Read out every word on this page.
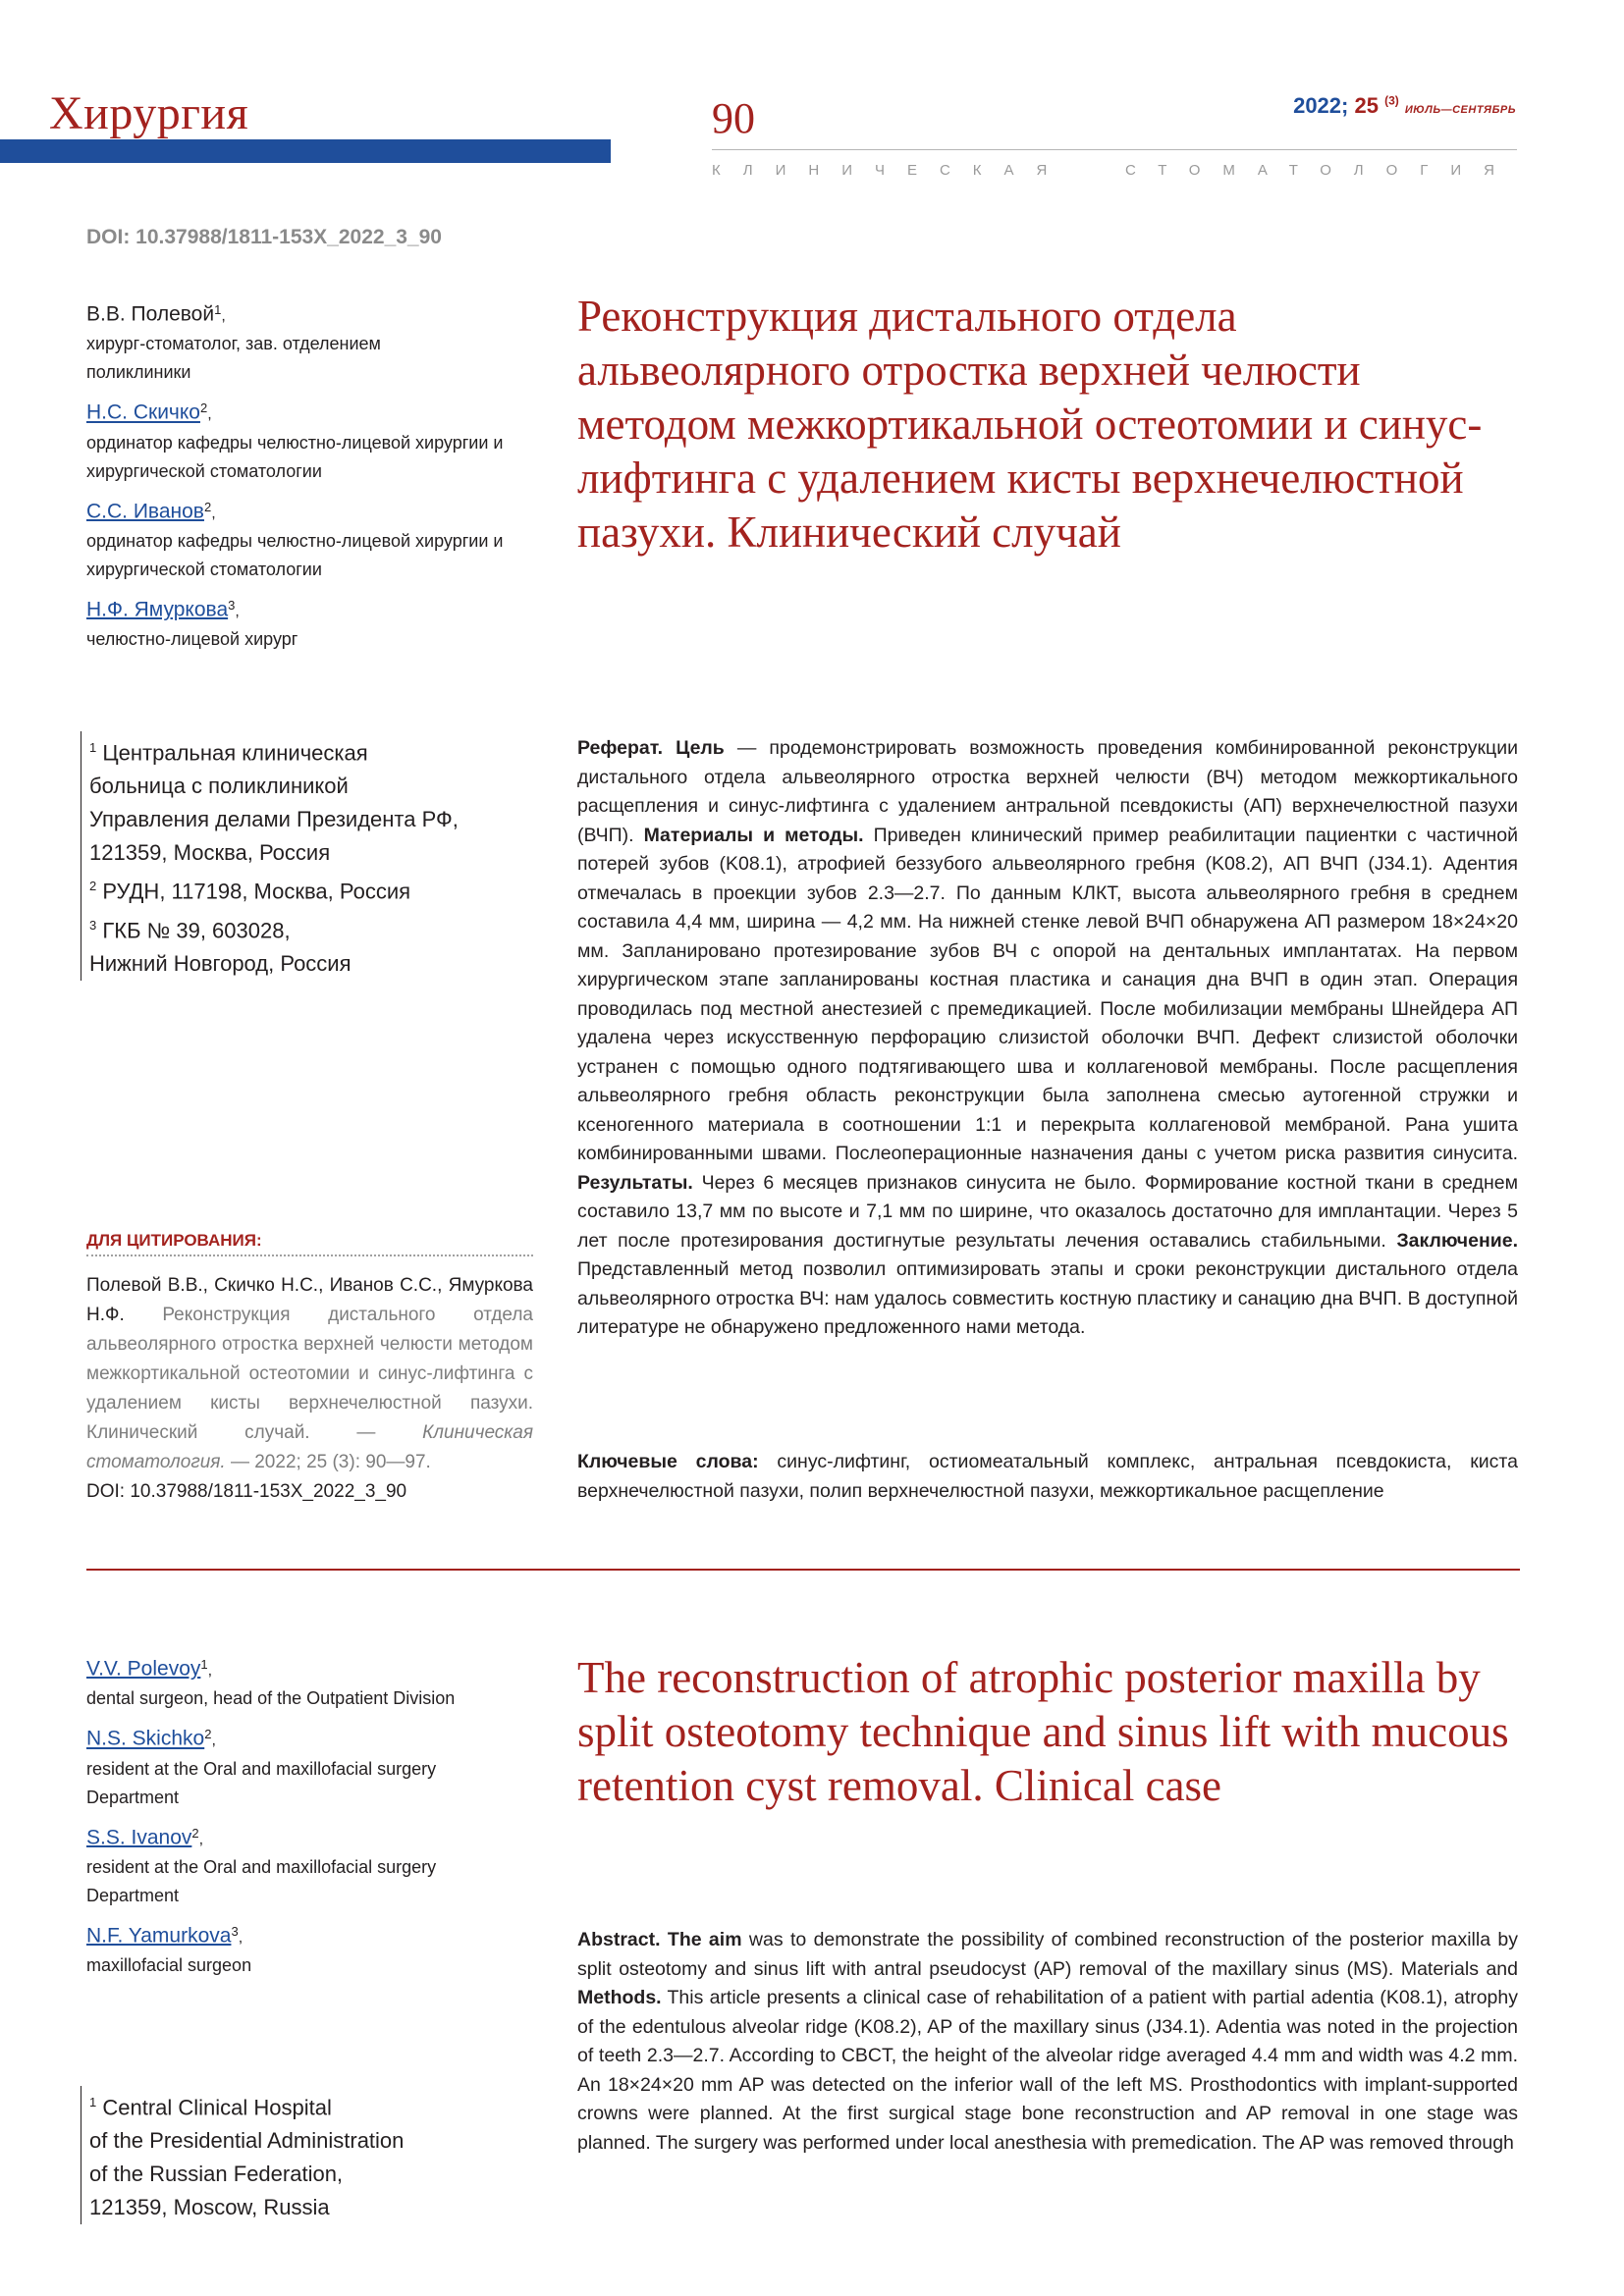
Хирургия	90	2022; 25 $^{(3)}$ ИЮЛЬ—СЕНТЯБРЬ
КЛИНИЧЕСКАЯ	СТОМАТОЛОГИЯ
DOI: 10.37988/1811-153X_2022_3_90
В.В. Полевой$^1$,
хирург-стоматолог, зав. отделением поликлиники
Н.С. Скичко$^2$,
ординатор кафедры челюстно-лицевой хирургии и хирургической стоматологии
С.С. Иванов$^2$,
ординатор кафедры челюстно-лицевой хирургии и хирургической стоматологии
Н.Ф. Ямуркова$^3$,
челюстно-лицевой хирург
$^1$ Центральная клиническая
больница с поликлиникой
Управления делами Президента РФ,
121359, Москва, Россия
$^2$ РУДН, 117198, Москва, Россия
$^3$ ГКБ № 39, 603028,
Нижний Новгород, Россия
Реконструкция дистального отдела альвеолярного отростка верхней челюсти методом межкортикальной остеотомии и синус-лифтинга с удалением кисты верхнечелюстной пазухи. Клинический случай
Реферат. Цель — продемонстрировать возможность проведения комбинированной реконструкции дистального отдела альвеолярного отростка верхней челюсти (ВЧ) методом межкортикального расщепления и синус-лифтинга с удалением антральной псевдокисты (АП) верхнечелюстной пазухи (ВЧП). Материалы и методы. Приведен клинический пример реабилитации пациентки с частичной потерей зубов (K08.1), атрофией беззубого альвеолярного гребня (K08.2), АП ВЧП (J34.1). Адентия отмечалась в проекции зубов 2.3—2.7. По данным КЛКТ, высота альвеолярного гребня в среднем составила 4,4 мм, ширина — 4,2 мм. На нижней стенке левой ВЧП обнаружена АП размером 18×24×20 мм. Запланировано протезирование зубов ВЧ с опорой на дентальных имплантатах. На первом хирургическом этапе запланированы костная пластика и санация дна ВЧП в один этап. Операция проводилась под местной анестезией с премедикацией. После мобилизации мембраны Шнейдера АП удалена через искусственную перфорацию слизистой оболочки ВЧП. Дефект слизистой оболочки устранен с помощью одного подтягивающего шва и коллагеновой мембраны. После расщепления альвеолярного гребня область реконструкции была заполнена смесью аутогенной стружки и ксеногенного материала в соотношении 1:1 и перекрыта коллагеновой мембраной. Рана ушита комбинированными швами. Послеоперационные назначения даны с учетом риска развития синусита. Результаты. Через 6 месяцев признаков синусита не было. Формирование костной ткани в среднем составило 13,7 мм по высоте и 7,1 мм по ширине, что оказалось достаточно для имплантации. Через 5 лет после протезирования достигнутые результаты лечения оставались стабильными. Заключение. Представленный метод позволил оптимизировать этапы и сроки реконструкции дистального отдела альвеолярного отростка ВЧ: нам удалось совместить костную пластику и санацию дна ВЧП. В доступной литературе не обнаружено предложенного нами метода.
Ключевые слова: синус-лифтинг, остиомеатальный комплекс, антральная псевдокиста, киста верхнечелюстной пазухи, полип верхнечелюстной пазухи, межкортикальное расщепление
ДЛЯ ЦИТИРОВАНИЯ:
Полевой В.В., Скичко Н.С., Иванов С.С., Ямуркова Н.Ф. Реконструкция дистального отдела альвеолярного отростка верхней челюсти методом межкортикальной остеотомии и синус-лифтинга с удалением кисты верхнечелюстной пазухи. Клинический случай. — Клиническая стоматология. — 2022; 25 (3): 90—97.
DOI: 10.37988/1811-153X_2022_3_90
V.V. Polevoy$^1$,
dental surgeon, head of the Outpatient Division
N.S. Skichko$^2$,
resident at the Oral and maxillofacial surgery Department
S.S. Ivanov$^2$,
resident at the Oral and maxillofacial surgery Department
N.F. Yamurkova$^3$,
maxillofacial surgeon
$^1$ Central Clinical Hospital
of the Presidential Administration
of the Russian Federation,
121359, Moscow, Russia
The reconstruction of atrophic posterior maxilla by split osteotomy technique and sinus lift with mucous retention cyst removal. Clinical case
Abstract. The aim was to demonstrate the possibility of combined reconstruction of the posterior maxilla by split osteotomy and sinus lift with antral pseudocyst (AP) removal of the maxillary sinus (MS). Materials and Methods. This article presents a clinical case of rehabilitation of a patient with partial adentia (K08.1), atrophy of the edentulous alveolar ridge (K08.2), AP of the maxillary sinus (J34.1). Adentia was noted in the projection of teeth 2.3—2.7. According to CBCT, the height of the alveolar ridge averaged 4.4 mm and width was 4.2 mm. An 18×24×20 mm AP was detected on the inferior wall of the left MS. Prosthodontics with implant-supported crowns were planned. At the first surgical stage bone reconstruction and AP removal in one stage was planned. The surgery was performed under local anesthesia with premedication. The AP was removed through
